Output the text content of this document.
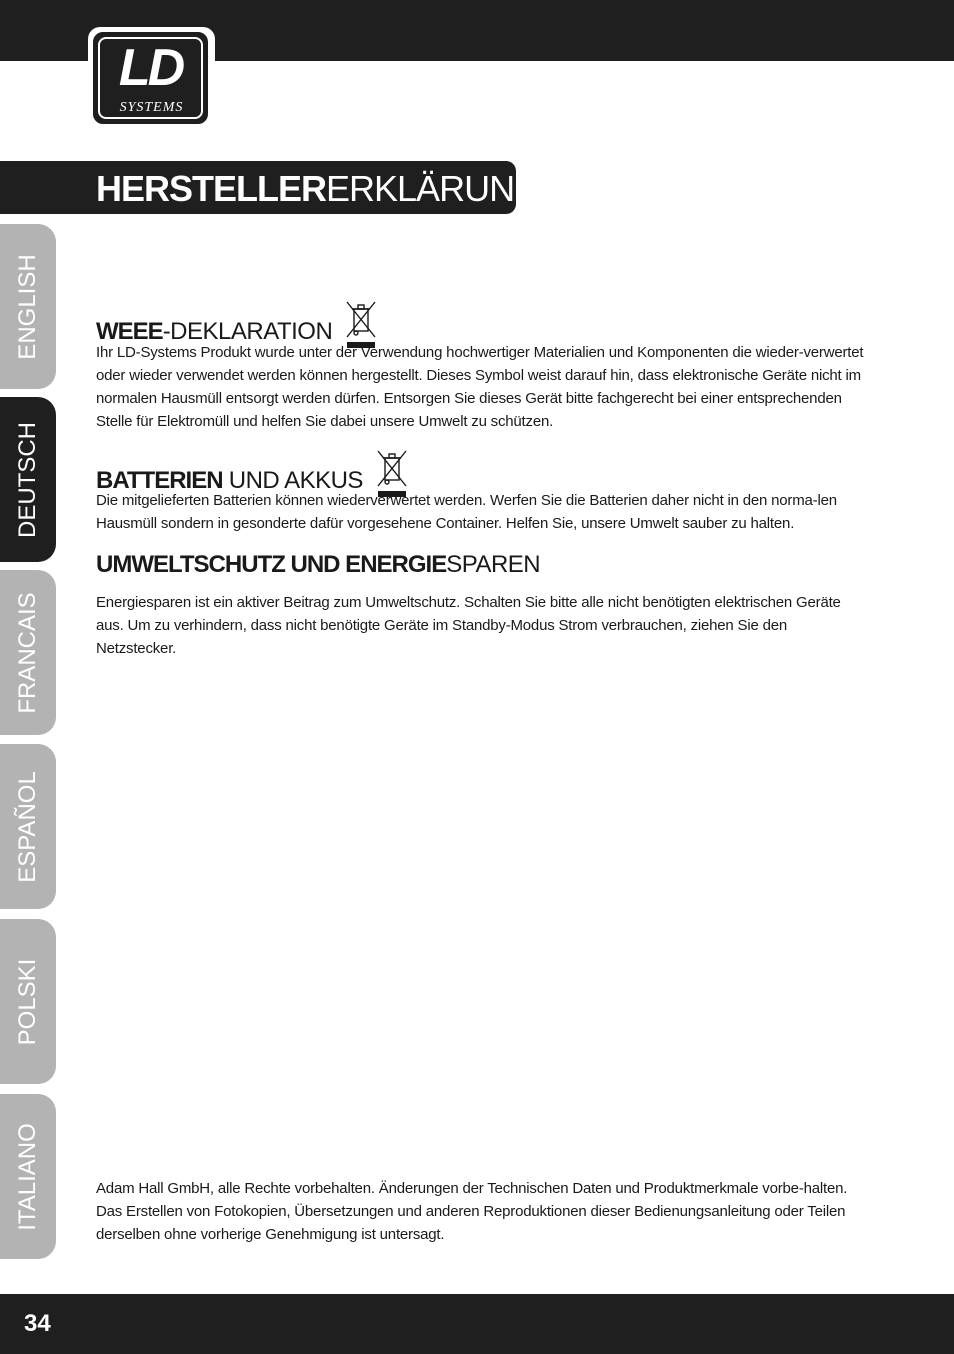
LD
SYSTEMS
HERSTELLERERKLÄRUNGEN:
ENGLISH
DEUTSCH
FRANCAIS
ESPAÑOL
POLSKI
ITALIANO
WEEE-DEKLARATION
Ihr LD-Systems Produkt wurde unter der Verwendung hochwertiger Materialien und Komponenten die wieder-verwertet oder wieder verwendet werden können hergestellt. Dieses Symbol weist darauf hin, dass elektronische Geräte nicht im normalen Hausmüll entsorgt werden dürfen. Entsorgen Sie dieses Gerät bitte fachgerecht bei einer entsprechenden Stelle für Elektromüll und helfen Sie dabei unsere Umwelt zu schützen.
BATTERIEN UND AKKUS
Die mitgelieferten Batterien können wiederverwertet werden. Werfen Sie die Batterien daher nicht in den norma-len Hausmüll sondern in gesonderte dafür vorgesehene Container. Helfen Sie, unsere Umwelt sauber zu halten.
UMWELTSCHUTZ UND ENERGIESPAREN
Energiesparen ist ein aktiver Beitrag zum Umweltschutz. Schalten Sie bitte alle nicht benötigten elektrischen Geräte aus. Um zu verhindern, dass nicht benötigte Geräte im Standby-Modus Strom verbrauchen, ziehen Sie den Netzstecker.
Adam Hall GmbH, alle Rechte vorbehalten. Änderungen der Technischen Daten und Produktmerkmale vorbe-halten. Das Erstellen von Fotokopien, Übersetzungen und anderen Reproduktionen dieser Bedienungsanleitung oder Teilen derselben ohne vorherige Genehmigung ist untersagt.
34
